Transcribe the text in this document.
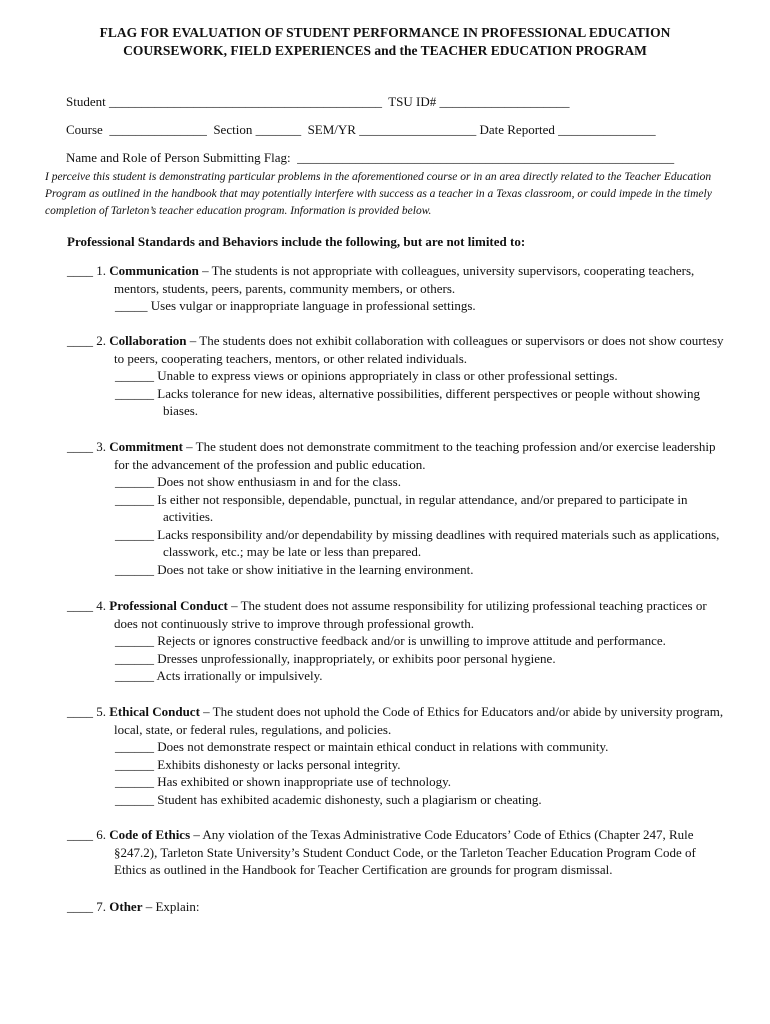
FLAG FOR EVALUATION OF STUDENT PERFORMANCE IN PROFESSIONAL EDUCATION
COURSEWORK, FIELD EXPERIENCES and the TEACHER EDUCATION PROGRAM
Student __________________________________________  TSU ID# ____________________
Course  _______________  Section _______  SEM/YR __________________ Date Reported _______________
Name and Role of Person Submitting Flag:  __________________________________________________________
I perceive this student is demonstrating particular problems in the aforementioned course or in an area directly related to the Teacher Education Program as outlined in the handbook that may potentially interfere with success as a teacher in a Texas classroom, or could impede in the timely completion of Tarleton’s teacher education program. Information is provided below.
Professional Standards and Behaviors include the following, but are not limited to:
____ 1. Communication – The students is not appropriate with colleagues, university supervisors, cooperating teachers, mentors, students, peers, parents, community members, or others.
_____ Uses vulgar or inappropriate language in professional settings.
____ 2. Collaboration – The students does not exhibit collaboration with colleagues or supervisors or does not show courtesy to peers, cooperating teachers, mentors, or other related individuals.
______ Unable to express views or opinions appropriately in class or other professional settings.
______ Lacks tolerance for new ideas, alternative possibilities, different perspectives or people without showing biases.
____ 3. Commitment – The student does not demonstrate commitment to the teaching profession and/or exercise leadership for the advancement of the profession and public education.
______ Does not show enthusiasm in and for the class.
______ Is either not responsible, dependable, punctual, in regular attendance, and/or prepared to participate in activities.
______ Lacks responsibility and/or dependability by missing deadlines with required materials such as applications, classwork, etc.; may be late or less than prepared.
______ Does not take or show initiative in the learning environment.
____ 4. Professional Conduct – The student does not assume responsibility for utilizing professional teaching practices or does not continuously strive to improve through professional growth.
______ Rejects or ignores constructive feedback and/or is unwilling to improve attitude and performance.
______ Dresses unprofessionally, inappropriately, or exhibits poor personal hygiene.
______ Acts irrationally or impulsively.
____ 5. Ethical Conduct – The student does not uphold the Code of Ethics for Educators and/or abide by university program, local, state, or federal rules, regulations, and policies.
______ Does not demonstrate respect or maintain ethical conduct in relations with community.
______ Exhibits dishonesty or lacks personal integrity.
______ Has exhibited or shown inappropriate use of technology.
______ Student has exhibited academic dishonesty, such a plagiarism or cheating.
____ 6. Code of Ethics – Any violation of the Texas Administrative Code Educators’ Code of Ethics (Chapter 247, Rule §247.2), Tarleton State University’s Student Conduct Code, or the Tarleton Teacher Education Program Code of Ethics as outlined in the Handbook for Teacher Certification are grounds for program dismissal.
____ 7. Other – Explain:
